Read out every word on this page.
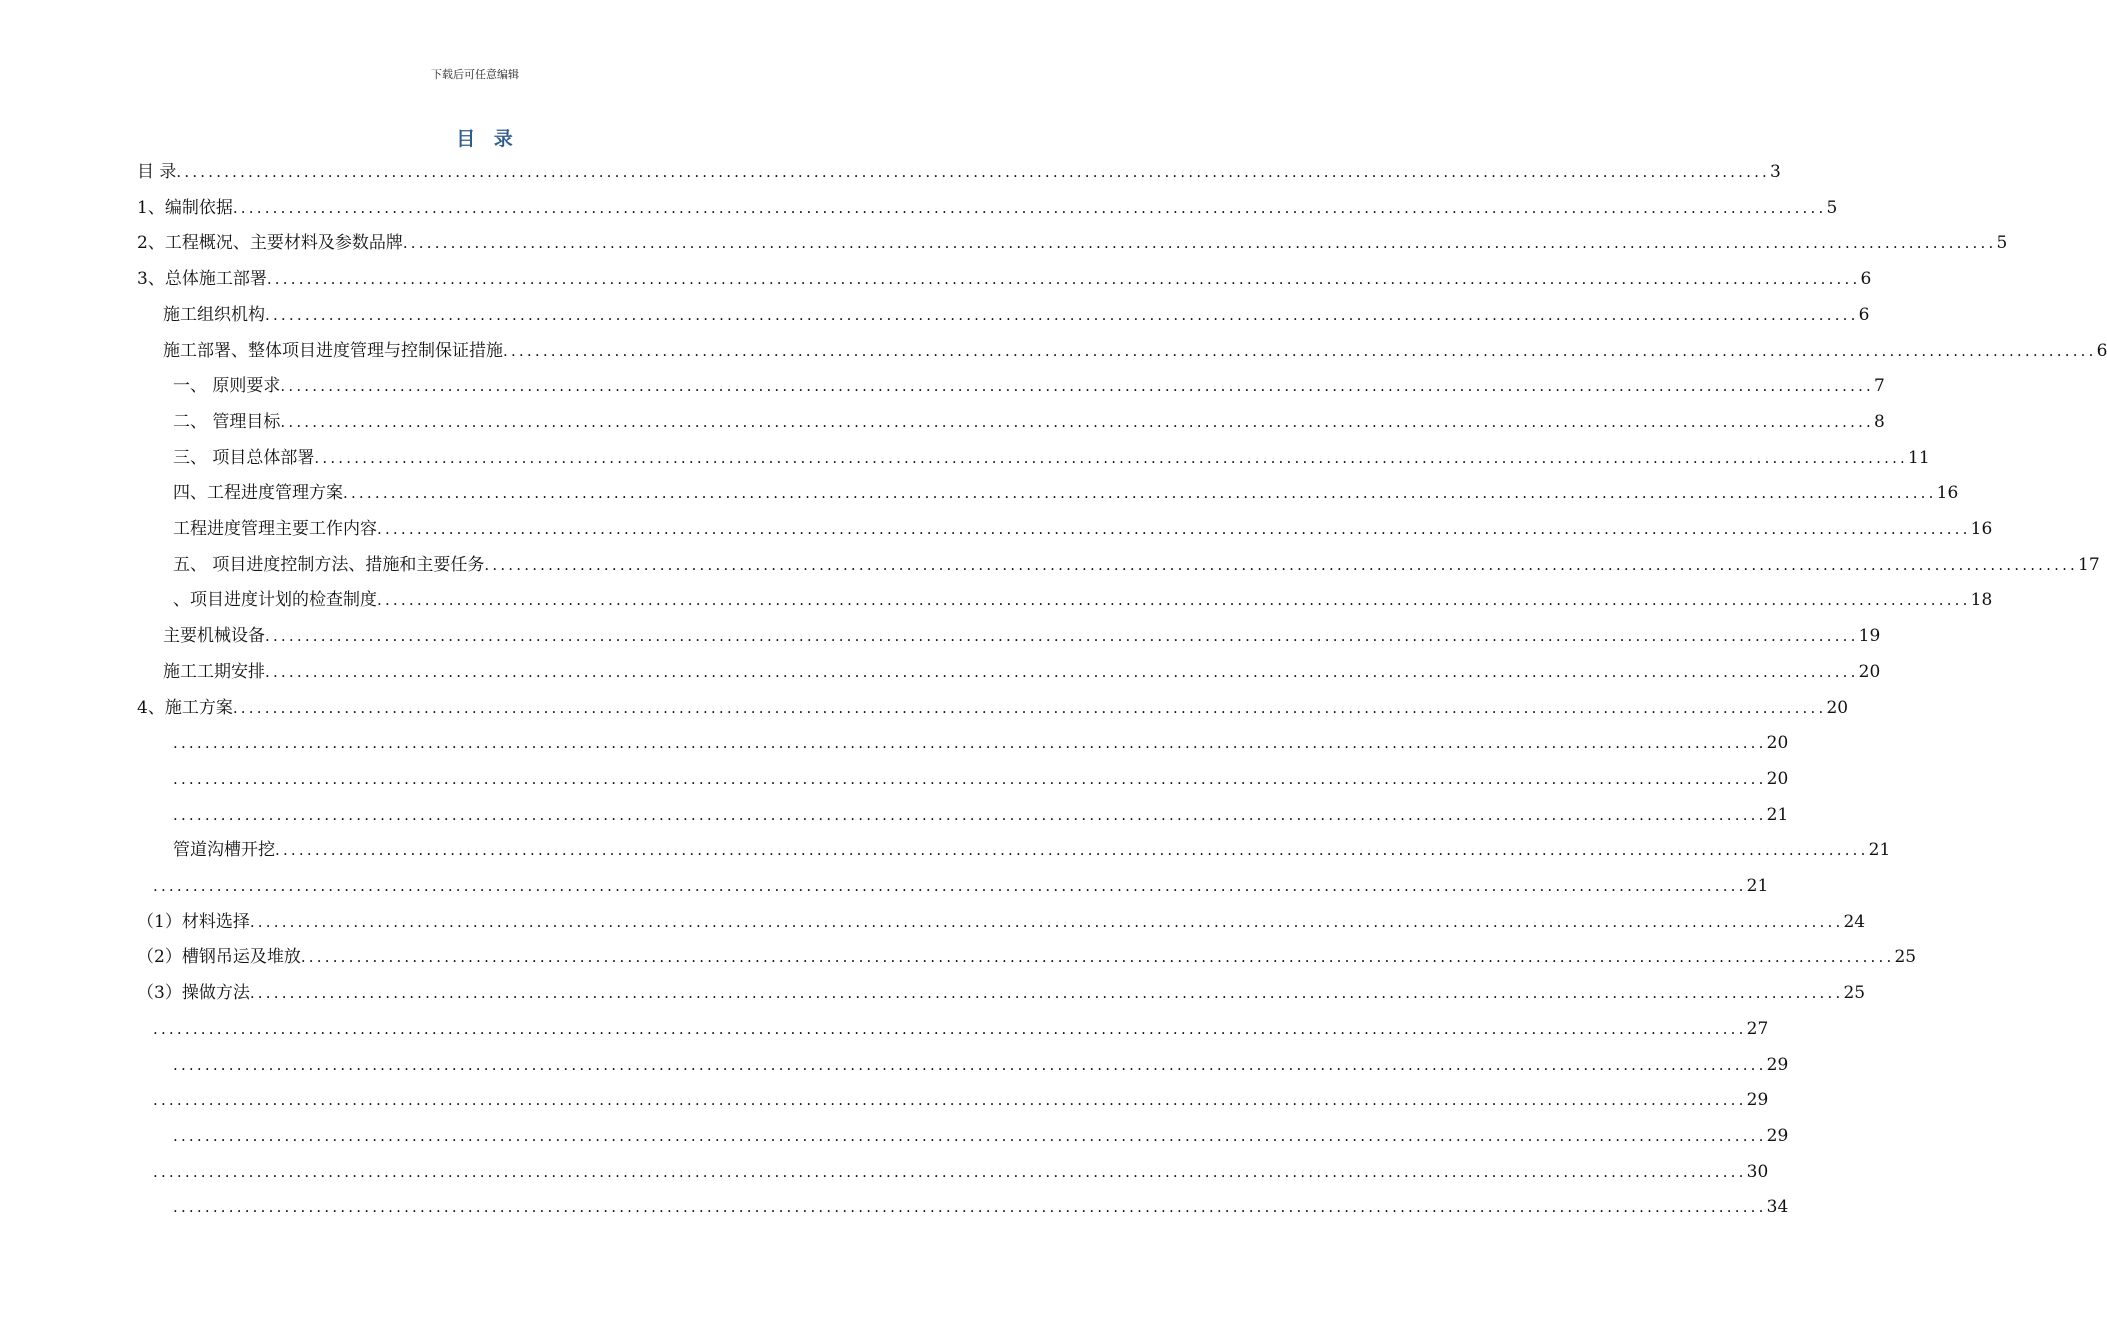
下载后可任意编辑
目 录
目 录 ........................................................................................................................................................................................................ 3
1、编制依据 ........................................................................................................................................................................................................ 5
2、工程概况、主要材料及参数品牌 ........................................................................................................................................................................................................ 5
3、总体施工部署 ........................................................................................................................................................................................................ 6
施工组织机构 ........................................................................................................................................................................................................ 6
施工部署、整体项目进度管理与控制保证措施 ........................................................................................................................................................................................................ 6
一、 原则要求 ........................................................................................................................................................................................................ 7
二、 管理目标 ........................................................................................................................................................................................................ 8
三、 项目总体部署 ........................................................................................................................................................................................................ 11
四、工程进度管理方案 ........................................................................................................................................................................................................ 16
工程进度管理主要工作内容 ........................................................................................................................................................................................................ 16
五、 项目进度控制方法、措施和主要任务 ........................................................................................................................................................................................................ 17
、项目进度计划的检查制度 ........................................................................................................................................................................................................ 18
主要机械设备 ........................................................................................................................................................................................................ 19
施工工期安排 ........................................................................................................................................................................................................ 20
4、施工方案 ........................................................................................................................................................................................................ 20
........................................................................................................................................................................................................ 20
........................................................................................................................................................................................................ 20
........................................................................................................................................................................................................ 21
管道沟槽开挖 ........................................................................................................................................................................................................ 21
........................................................................................................................................................................................................ 21
（1）材料选择 ........................................................................................................................................................................................................ 24
（2）槽钢吊运及堆放 ........................................................................................................................................................................................................ 25
（3）操做方法 ........................................................................................................................................................................................................ 25
........................................................................................................................................................................................................ 27
........................................................................................................................................................................................................ 29
........................................................................................................................................................................................................ 29
........................................................................................................................................................................................................ 29
........................................................................................................................................................................................................ 30
........................................................................................................................................................................................................ 34
